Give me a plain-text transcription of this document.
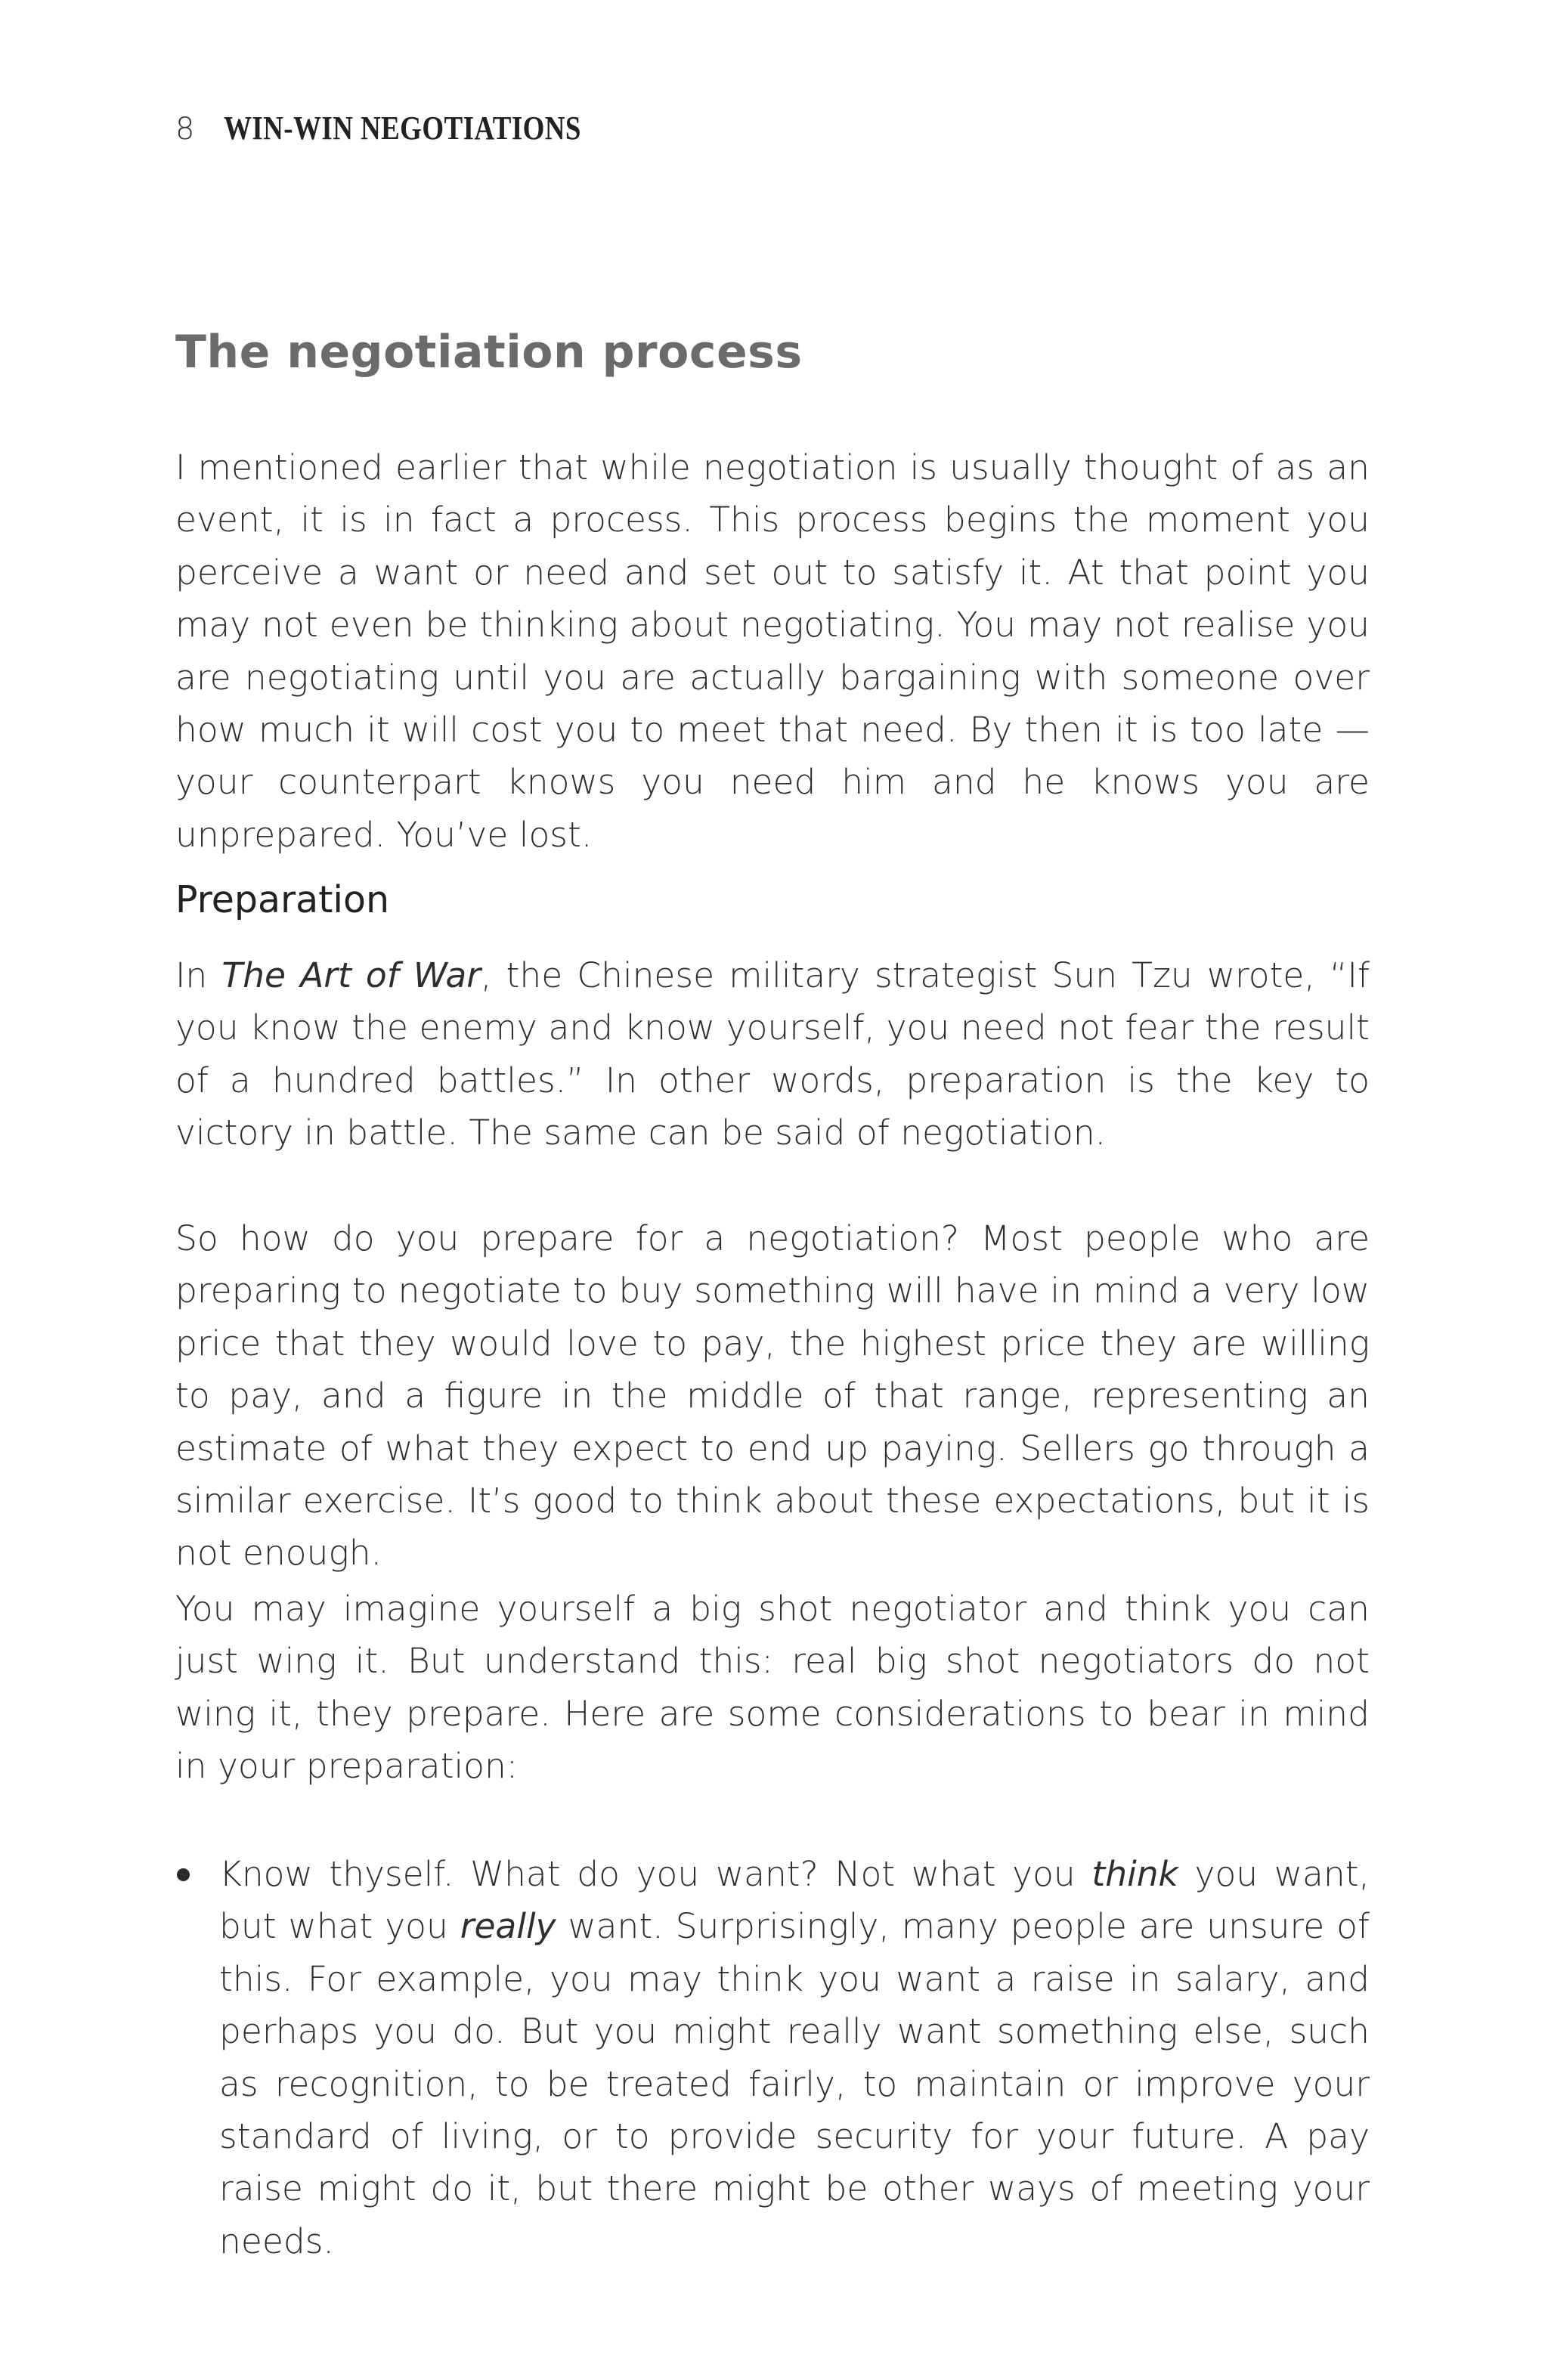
8 WIN-WIN NEGOTIATIONS
The negotiation process

I mentioned earlier that while negotiation is usually thought of as an event, it is in fact a process. This process begins the moment you perceive a want or need and set out to satisfy it. At that point you may not even be thinking about negotiating. You may not realise you are negotiating until you are actually bargaining with someone over how much it will cost you to meet that need. By then it is too late — your counterpart knows you need him and he knows you are unprepared. You’ve lost.

Preparation

In The Art of War, the Chinese military strategist Sun Tzu wrote, “If you know the enemy and know yourself, you need not fear the result of a hundred battles.” In other words, preparation is the key to victory in battle. The same can be said of negotiation.

So how do you prepare for a negotiation? Most people who are preparing to negotiate to buy something will have in mind a very low price that they would love to pay, the highest price they are willing to pay, and a figure in the middle of that range, representing an estimate of what they expect to end up paying. Sellers go through a similar exercise. It’s good to think about these expectations, but it is not enough.

You may imagine yourself a big shot negotiator and think you can just wing it. But understand this: real big shot negotiators do not wing it, they prepare. Here are some considerations to bear in mind in your preparation:

Know thyself. What do you want? Not what you think you want, but what you really want. Surprisingly, many people are unsure of this. For example, you may think you want a raise in salary, and perhaps you do. But you might really want something else, such as recognition, to be treated fairly, to maintain or improve your standard of living, or to provide security for your future. A pay raise might do it, but there might be other ways of meeting your needs.
